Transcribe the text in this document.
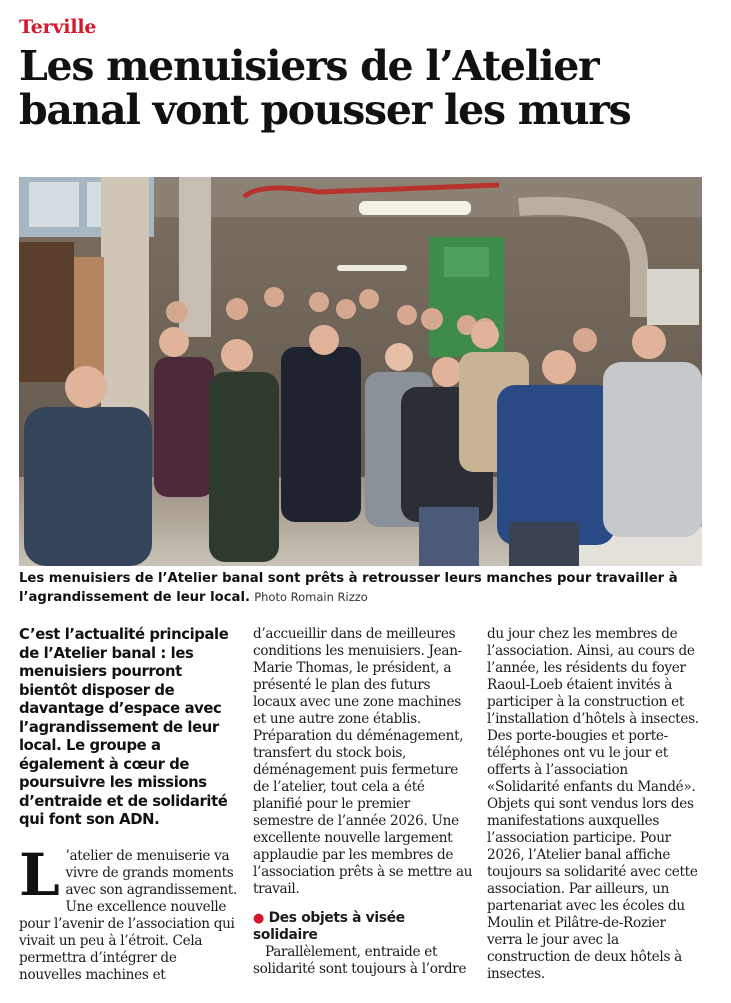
Terville
Les menuisiers de l’Atelier banal vont pousser les murs
Les menuisiers de l’Atelier banal sont prêts à retrousser leurs manches pour travailler à l’agrandissement de leur local. Photo Romain Rizzo

C’est l’actualité principale de l’Atelier banal : les menuisiers pourront bientôt disposer de davantage d’espace avec l’agrandissement de leur local. Le groupe a également à cœur de poursuivre les missions d’entraide et de solidarité qui font son ADN.

L ’atelier de menuiserie va vivre de grands moments avec son agrandissement. Une excellence nouvelle pour l’avenir de l’association qui vivait un peu à l’étroit. Cela permettra d’intégrer de nouvelles machines et

d’accueillir dans de meilleures conditions les menuisiers. Jean-Marie Thomas, le président, a présenté le plan des futurs locaux avec une zone machines et une autre zone établis. Préparation du déménagement, transfert du stock bois, déménagement puis fermeture de l’atelier, tout cela a été planifié pour le premier semestre de l’année 2026. Une excellente nouvelle largement applaudie par les membres de l’association prêts à se mettre au travail.

● Des objets à visée solidaire

Parallèlement, entraide et solidarité sont toujours à l’ordre

du jour chez les membres de l’association. Ainsi, au cours de l’année, les résidents du foyer Raoul-Loeb étaient invités à participer à la construction et l’installation d’hôtels à insectes. Des porte-bougies et porte-téléphones ont vu le jour et offerts à l’association «Solidarité enfants du Mandé». Objets qui sont vendus lors des manifestations auxquelles l’association participe. Pour 2026, l’Atelier banal affiche toujours sa solidarité avec cette association. Par ailleurs, un partenariat avec les écoles du Moulin et Pilâtre-de-Rozier verra le jour avec la construction de deux hôtels à insectes.
